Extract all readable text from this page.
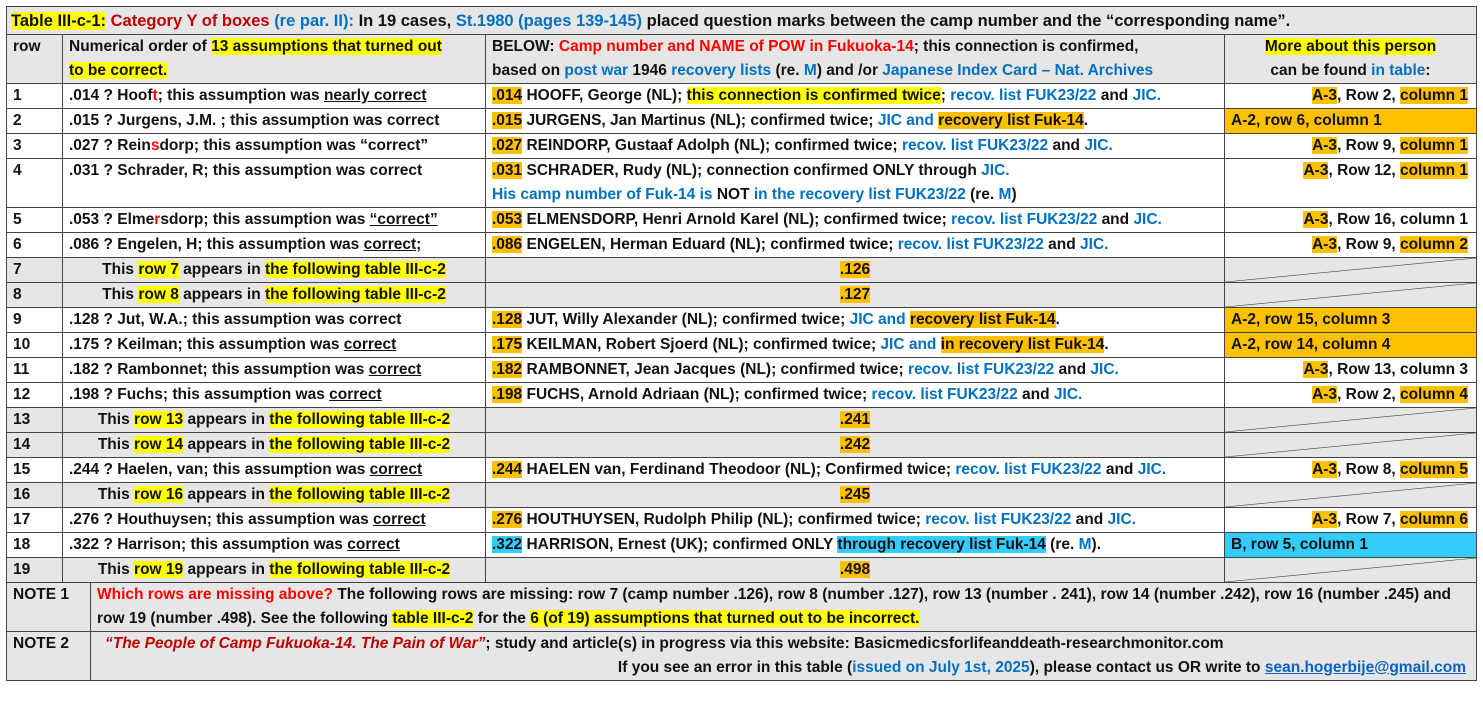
Table III-c-1: Category Y of boxes (re par. II): In 19 cases, St.1980 (pages 139-145) placed question marks between the camp number and the “corresponding name”.			
row	Numerical order of 13 assumptions that turned out
to be correct.	BELOW: Camp number and NAME of POW in Fukuoka-14; this connection is confirmed,
based on post war 1946 recovery lists (re. M) and /or Japanese Index Card – Nat. Archives	More about this person
can be found in table:
1	.014 ? Hooft; this assumption was nearly correct	.014 HOOFF, George (NL); this connection is confirmed twice; recov. list FUK23/22 and JIC.	A-3, Row 2, column 1
2	.015 ? Jurgens, J.M. ; this assumption was correct	.015 JURGENS, Jan Martinus (NL); confirmed twice; JIC and recovery list Fuk-14.	A-2, row 6, column 1
3	.027 ? Reinsdorp; this assumption was “correct”	.027 REINDORP, Gustaaf Adolph (NL); confirmed twice; recov. list FUK23/22 and JIC.	A-3, Row 9, column 1
4	.031 ? Schrader, R; this assumption was correct	.031 SCHRADER, Rudy (NL); connection confirmed ONLY through JIC.
His camp number of Fuk-14 is NOT in the recovery list FUK23/22 (re. M)	A-3, Row 12, column 1
5	.053 ? Elmersdorp; this assumption was “correct”	.053 ELMENSDORP, Henri Arnold Karel (NL); confirmed twice; recov. list FUK23/22 and JIC.	A-3, Row 16, column 1
6	.086 ? Engelen, H; this assumption was correct;	.086 ENGELEN, Herman Eduard (NL); confirmed twice; recov. list FUK23/22 and JIC.	A-3, Row 9, column 2
7	This row 7 appears in the following table III-c-2	.126	

8	This row 8 appears in the following table III-c-2	.127	

9	.128 ? Jut, W.A.; this assumption was correct	.128 JUT, Willy Alexander (NL); confirmed twice; JIC and recovery list Fuk-14.	A-2, row 15, column 3
10	.175 ? Keilman; this assumption was correct	.175 KEILMAN, Robert Sjoerd (NL); confirmed twice; JIC and in recovery list Fuk-14.	A-2, row 14, column 4
11	.182 ? Rambonnet; this assumption was correct	.182 RAMBONNET, Jean Jacques (NL); confirmed twice; recov. list FUK23/22 and JIC.	A-3, Row 13, column 3
12	.198 ? Fuchs; this assumption was correct	.198 FUCHS, Arnold Adriaan (NL); confirmed twice; recov. list FUK23/22 and JIC.	A-3, Row 2, column 4
13	This row 13 appears in the following table III-c-2	.241	

14	This row 14 appears in the following table III-c-2	.242	

15	.244 ? Haelen, van; this assumption was correct	.244 HAELEN van, Ferdinand Theodoor (NL); Confirmed twice; recov. list FUK23/22 and JIC.	A-3, Row 8, column 5
16	This row 16 appears in the following table III-c-2	.245	

17	.276 ? Houthuysen; this assumption was correct	.276 HOUTHUYSEN, Rudolph Philip (NL); confirmed twice; recov. list FUK23/22 and JIC.	A-3, Row 7, column 6
18	.322 ? Harrison; this assumption was correct	.322 HARRISON, Ernest (UK); confirmed ONLY through recovery list Fuk-14 (re. M).	B, row 5, column 1
19	This row 19 appears in the following table III-c-2	.498	

NOTE 1	Which rows are missing above? The following rows are missing: row 7 (camp number .126), row 8 (number .127), row 13 (number . 241), row 14 (number .242), row 16 (number .245) and row 19 (number .498). See the following table III-c-2 for the 6 (of 19) assumptions that turned out to be incorrect.
NOTE 2	“The People of Camp Fukuoka-14. The Pain of War”; study and article(s) in progress via this website: Basicmedicsforlifeanddeath-researchmonitor.com
If you see an error in this table (issued on July 1st, 2025), please contact us OR write to sean.hogerbije@gmail.com
